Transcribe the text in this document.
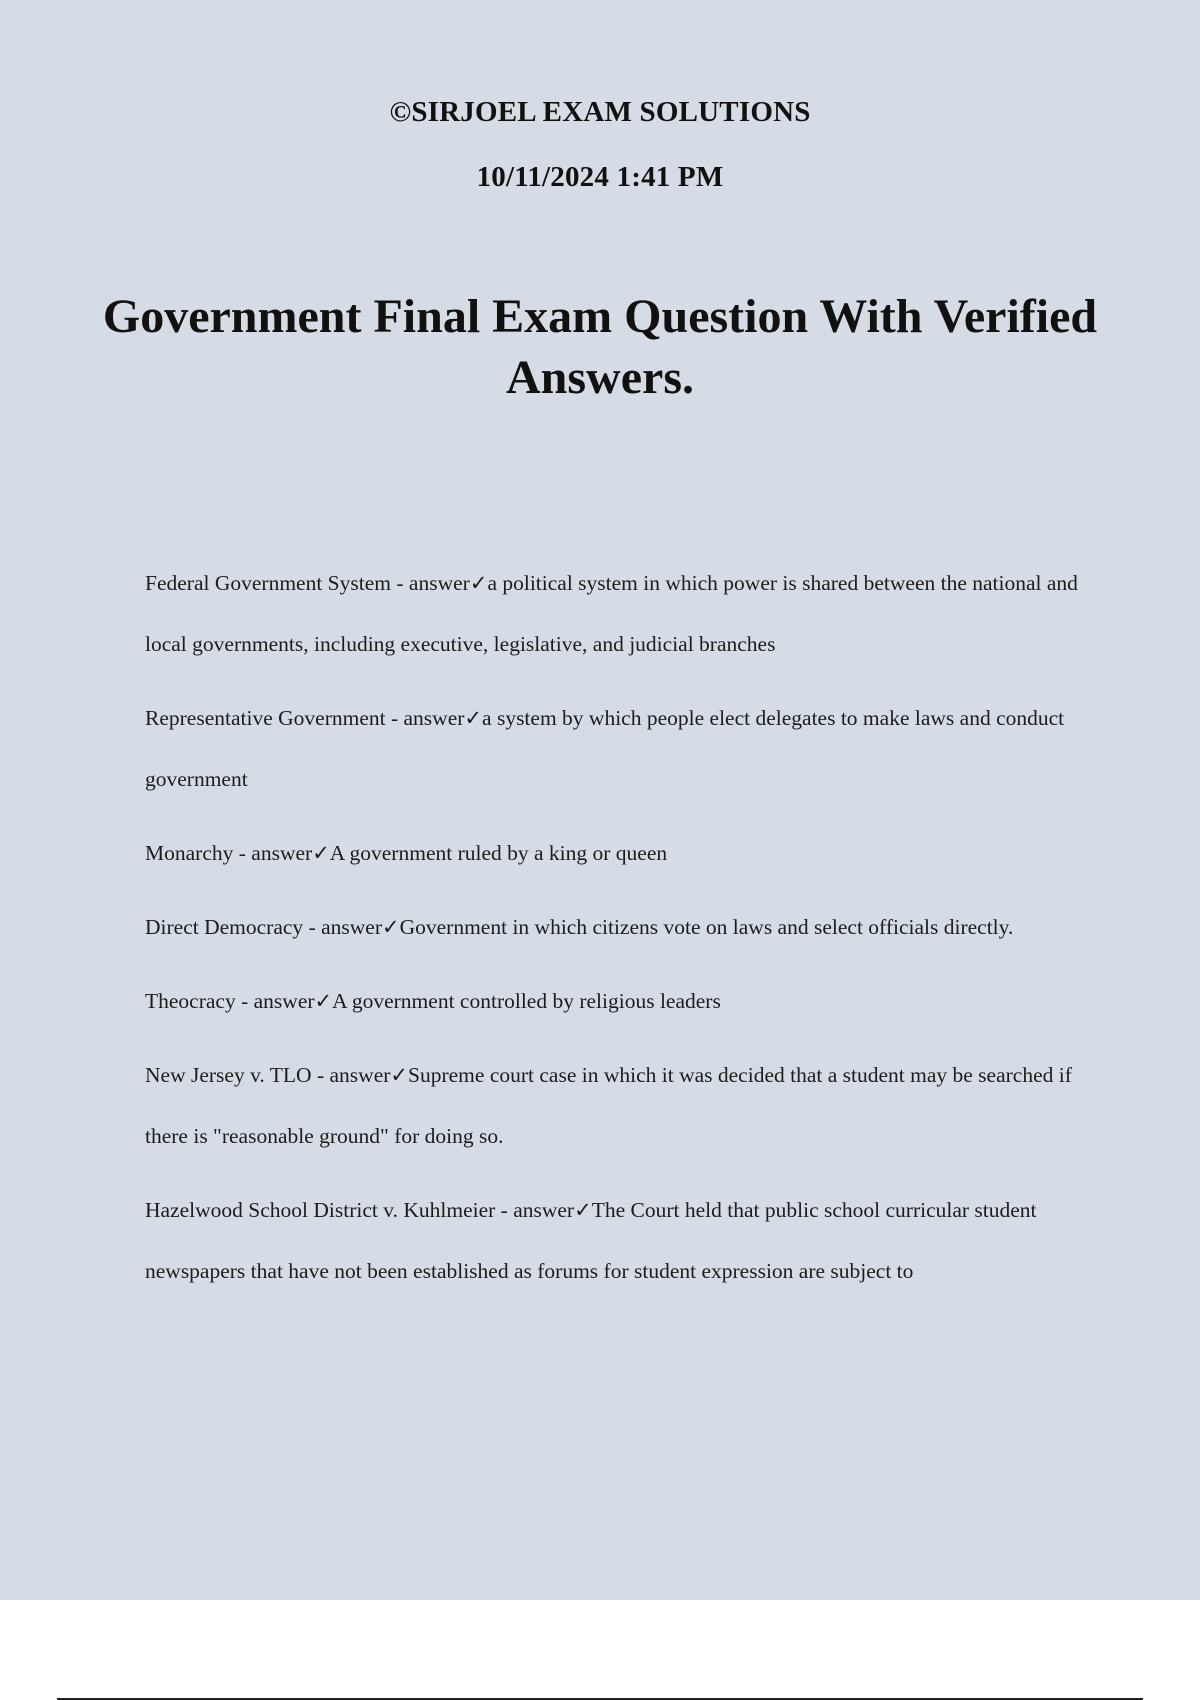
©SIRJOEL EXAM SOLUTIONS
10/11/2024 1:41 PM
Government Final Exam Question With Verified Answers.
Federal Government System - answer✓a political system in which power is shared between the national and local governments, including executive, legislative, and judicial branches
Representative Government - answer✓a system by which people elect delegates to make laws and conduct government
Monarchy - answer✓A government ruled by a king or queen
Direct Democracy - answer✓Government in which citizens vote on laws and select officials directly.
Theocracy - answer✓A government controlled by religious leaders
New Jersey v. TLO - answer✓Supreme court case in which it was decided that a student may be searched if there is "reasonable ground" for doing so.
Hazelwood School District v. Kuhlmeier - answer✓The Court held that public school curricular student newspapers that have not been established as forums for student expression are subject to
